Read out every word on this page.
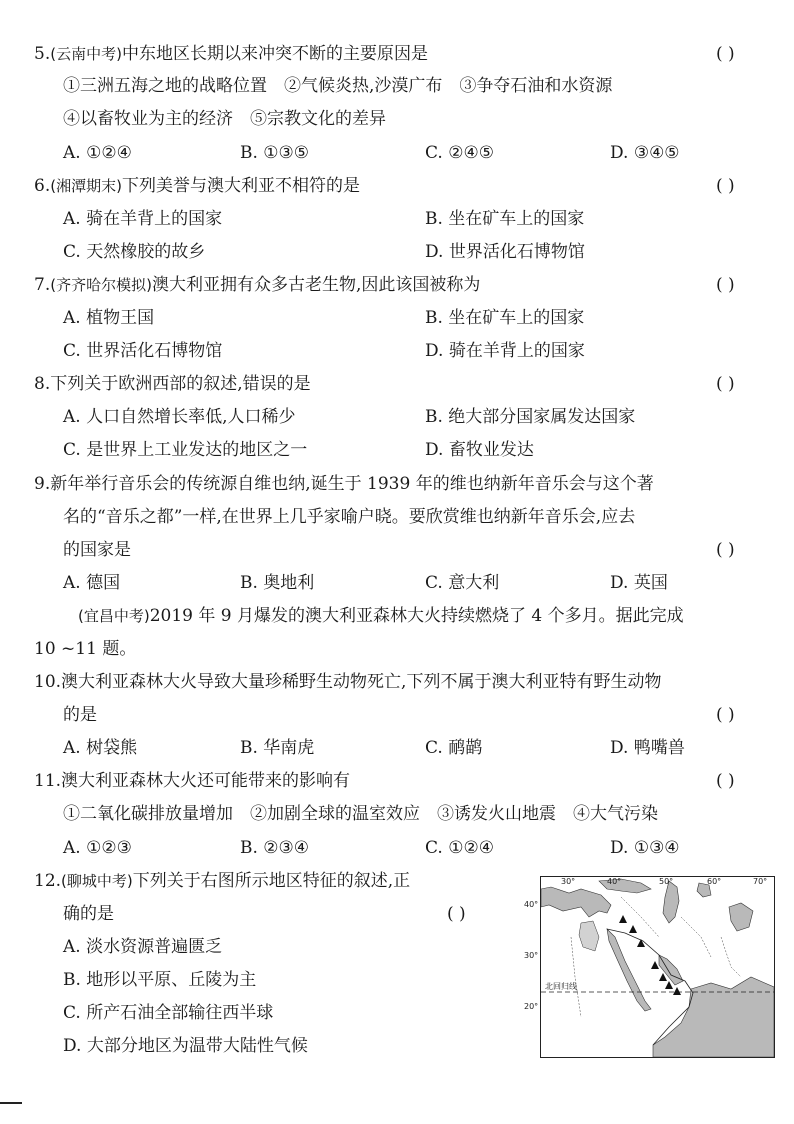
5.(云南中考)中东地区长期以来冲突不断的主要原因是	( )
①三洲五海之地的战略位置　②气候炎热,沙漠广布　③争夺石油和水资源
④以畜牧业为主的经济　⑤宗教文化的差异
A. ①②④	B. ①③⑤	C. ②④⑤	D. ③④⑤
6.(湘潭期末)下列美誉与澳大利亚不相符的是	( )
A. 骑在羊背上的国家	B. 坐在矿车上的国家
C. 天然橡胶的故乡	D. 世界活化石博物馆
7.(齐齐哈尔模拟)澳大利亚拥有众多古老生物,因此该国被称为	( )
A. 植物王国	B. 坐在矿车上的国家
C. 世界活化石博物馆	D. 骑在羊背上的国家
8.下列关于欧洲西部的叙述,错误的是	( )
A. 人口自然增长率低,人口稀少	B. 绝大部分国家属发达国家
C. 是世界上工业发达的地区之一	D. 畜牧业发达
9.新年举行音乐会的传统源自维也纳,诞生于 1939 年的维也纳新年音乐会与这个著
名的“音乐之都”一样,在世界上几乎家喻户晓。要欣赏维也纳新年音乐会,应去
的国家是	( )
A. 德国	B. 奥地利	C. 意大利	D. 英国
(宜昌中考)2019 年 9 月爆发的澳大利亚森林大火持续燃烧了 4 个多月。据此完成
10 ~11 题。
10.澳大利亚森林大火导致大量珍稀野生动物死亡,下列不属于澳大利亚特有野生动物
的是	( )
A. 树袋熊	B. 华南虎	C. 鸸鹋	D. 鸭嘴兽
11.澳大利亚森林大火还可能带来的影响有	( )
①二氧化碳排放量增加　②加剧全球的温室效应　③诱发火山地震　④大气污染
A. ①②③	B. ②③④	C. ①②④	D. ①③④
12.(聊城中考)下列关于右图所示地区特征的叙述,正
确的是	( )
A. 淡水资源普遍匮乏
B. 地形以平原、丘陵为主
C. 所产石油全部输往西半球
D. 大部分地区为温带大陆性气候
30°	40°	50°	60°	70°
北回归线
40°
30°
20°
